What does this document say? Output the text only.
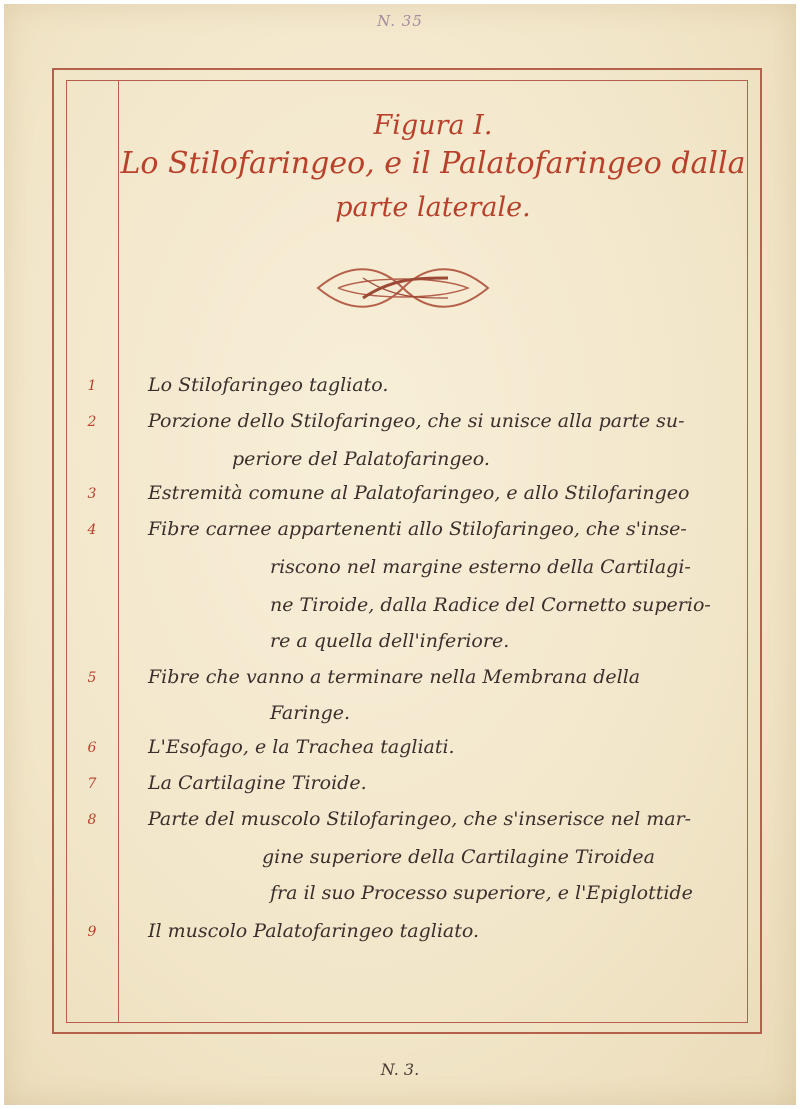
N. 35
Figura I.
Lo Stilofaringeo, e il Palatofaringeo dalla
parte laterale.
1	Lo Stilofaringeo tagliato.
2	Porzione dello Stilofaringeo, che si unisce alla parte su-
periore del Palatofaringeo.
3	Estremità comune al Palatofaringeo, e allo Stilofaringeo
4	Fibre carnee appartenenti allo Stilofaringeo, che s'inse-
riscono nel margine esterno della Cartilagi-
ne Tiroide, dalla Radice del Cornetto superio-
re a quella dell'inferiore.
5	Fibre che vanno a terminare nella Membrana della
Faringe.
6	L'Esofago, e la Trachea tagliati.
7	La Cartilagine Tiroide.
8	Parte del muscolo Stilofaringeo, che s'inserisce nel mar-
gine superiore della Cartilagine Tiroidea
fra il suo Processo superiore, e l'Epiglottide
9	Il muscolo Palatofaringeo tagliato.
N. 3.
